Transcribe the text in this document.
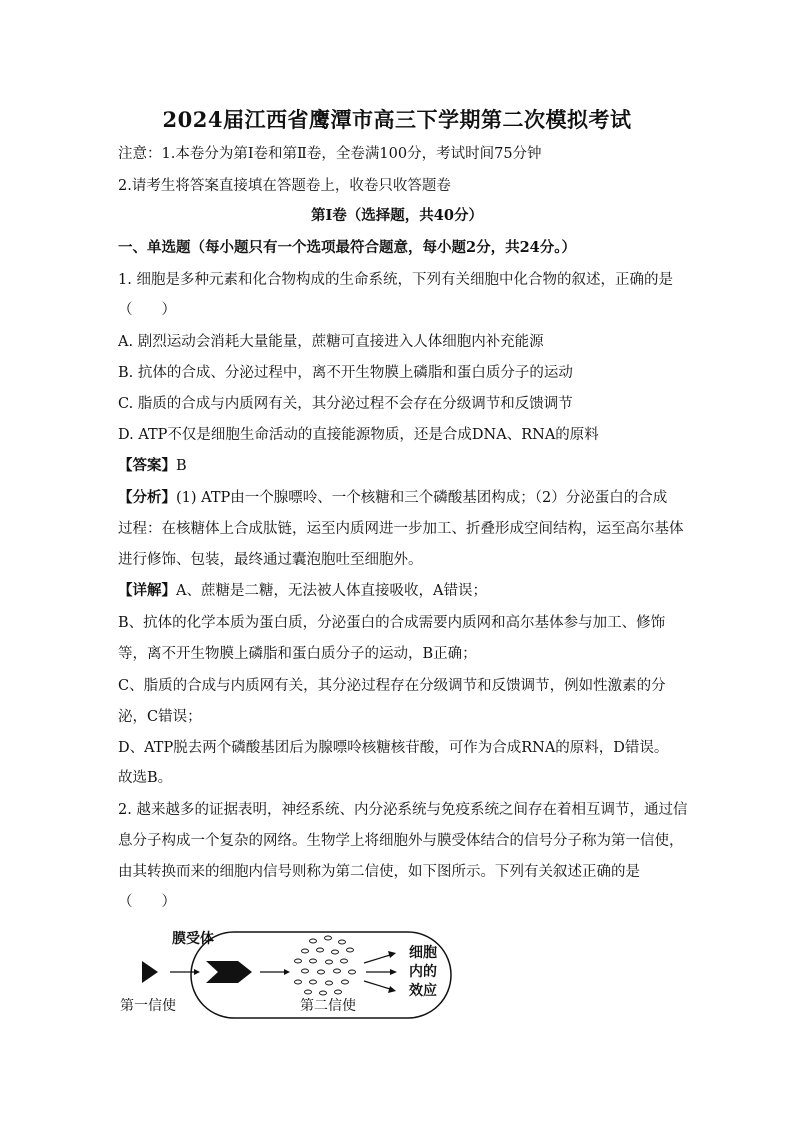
2024届江西省鹰潭市高三下学期第二次模拟考试
注意：1.本卷分为第Ⅰ卷和第Ⅱ卷，全卷满100分，考试时间75分钟
2.请考生将答案直接填在答题卷上，收卷只收答题卷
第Ⅰ卷（选择题，共40分）
一、单选题（每小题只有一个选项最符合题意，每小题2分，共24分。）
1. 细胞是多种元素和化合物构成的生命系统，下列有关细胞中化合物的叙述，正确的是
（　　）
A. 剧烈运动会消耗大量能量，蔗糖可直接进入人体细胞内补充能源
B. 抗体的合成、分泌过程中，离不开生物膜上磷脂和蛋白质分子的运动
C. 脂质的合成与内质网有关，其分泌过程不会存在分级调节和反馈调节
D. ATP不仅是细胞生命活动的直接能源物质，还是合成DNA、RNA的原料
【答案】B
【分析】(1) ATP由一个腺嘌呤、一个核糖和三个磷酸基团构成；（2）分泌蛋白的合成
过程：在核糖体上合成肽链，运至内质网进一步加工、折叠形成空间结构，运至高尔基体
进行修饰、包装，最终通过囊泡胞吐至细胞外。
【详解】A、蔗糖是二糖，无法被人体直接吸收，A错误；
B、抗体的化学本质为蛋白质，分泌蛋白的合成需要内质网和高尔基体参与加工、修饰
等，离不开生物膜上磷脂和蛋白质分子的运动，B正确；
C、脂质的合成与内质网有关，其分泌过程存在分级调节和反馈调节，例如性激素的分
泌，C错误；
D、ATP脱去两个磷酸基团后为腺嘌呤核糖核苷酸，可作为合成RNA的原料，D错误。
故选B。
2. 越来越多的证据表明，神经系统、内分泌系统与免疫系统之间存在着相互调节，通过信
息分子构成一个复杂的网络。生物学上将细胞外与膜受体结合的信号分子称为第一信使，
由其转换而来的细胞内信号则称为第二信使，如下图所示。下列有关叙述正确的是
（　　）
膜受体
第一信使	第二信使
细胞
内的
效应
